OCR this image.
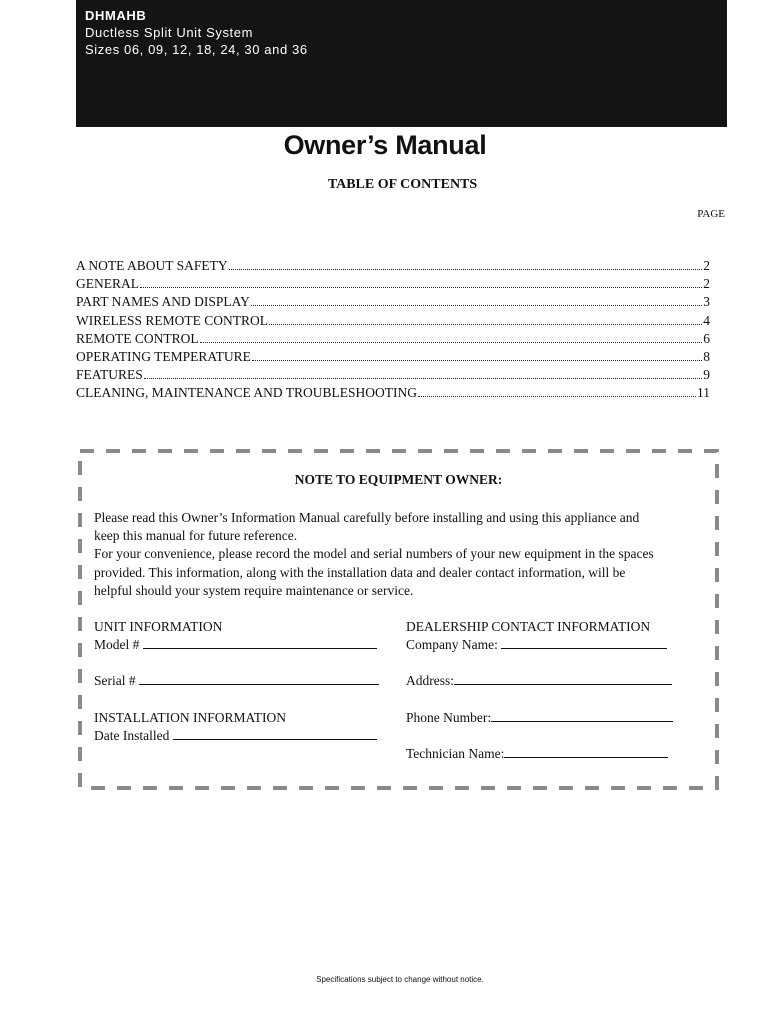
DHMAHB
Ductless Split Unit System
Sizes 06, 09, 12, 18, 24, 30 and 36
Owner’s Manual
TABLE OF CONTENTS
PAGE
A NOTE ABOUT SAFETY	2
GENERAL	2
PART NAMES AND DISPLAY	3
WIRELESS REMOTE CONTROL	4
REMOTE CONTROL	6
OPERATING TEMPERATURE	8
FEATURES	9
CLEANING, MAINTENANCE AND TROUBLESHOOTING	11
NOTE TO EQUIPMENT OWNER:
Please read this Owner’s Information Manual carefully before installing and using this appliance and
keep this manual for future reference.
For your convenience, please record the model and serial numbers of your new equipment in the spaces
provided. This information, along with the installation data and dealer contact information, will be
helpful should your system require maintenance or service.
UNIT INFORMATION
Model #

Serial #

INSTALLATION INFORMATION
Date Installed

DEALERSHIP CONTACT INFORMATION
Company Name:

Address:
Phone Number:
Technician Name:
Specifications subject to change without notice.
